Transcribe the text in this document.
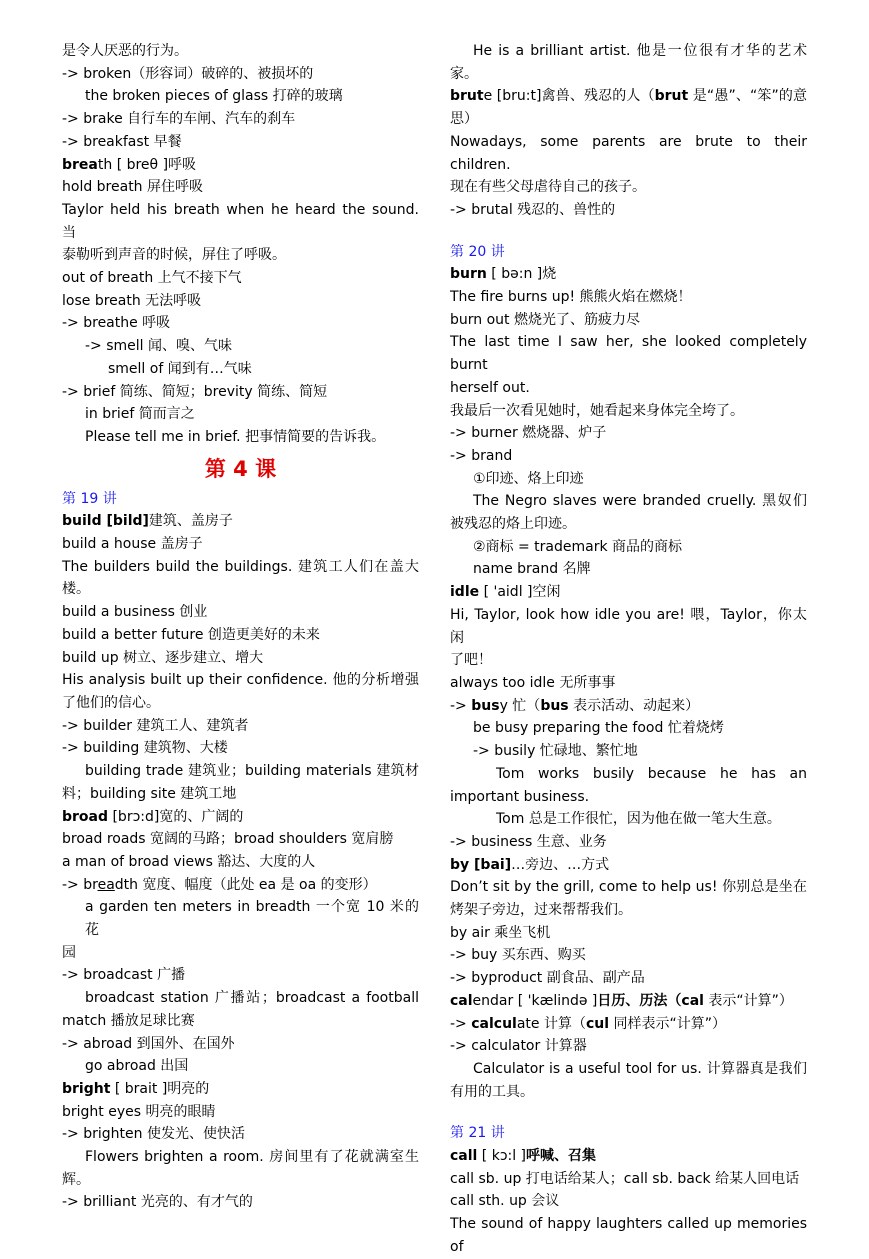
是令人厌恶的行为。
-> broken（形容词）破碎的、被损坏的
the broken pieces of glass 打碎的玻璃
-> brake 自行车的车闸、汽车的刹车
-> breakfast 早餐
breath [ breθ ]呼吸
hold breath 屏住呼吸
Taylor held his breath when he heard the sound. 当
泰勒听到声音的时候，屏住了呼吸。
out of breath 上气不接下气
lose breath 无法呼吸
-> breathe 呼吸
-> smell 闻、嗅、气味
smell of 闻到有…气味
-> brief 简练、简短；brevity 简练、简短
in brief 简而言之
Please tell me in brief. 把事情简要的告诉我。
第 4 课
第 19 讲
build [bild]建筑、盖房子
build a house 盖房子
The builders build the buildings. 建筑工人们在盖大
楼。
build a business 创业
build a better future 创造更美好的未来
build up 树立、逐步建立、增大
His analysis built up their confidence. 他的分析增强
了他们的信心。
-> builder 建筑工人、建筑者
-> building 建筑物、大楼
building trade 建筑业；building materials 建筑材
料；building site 建筑工地
broad [brɔ:d]宽的、广阔的
broad roads 宽阔的马路；broad shoulders 宽肩膀
a man of broad views 豁达、大度的人
-> breadth 宽度、幅度（此处 ea 是 oa 的变形）
a garden ten meters in breadth 一个宽 10 米的花
园
-> broadcast 广播
broadcast station 广播站；broadcast a football
match 播放足球比赛
-> abroad 到国外、在国外
go abroad 出国
bright [ brait ]明亮的
bright eyes 明亮的眼睛
-> brighten 使发光、使快活
Flowers brighten a room. 房间里有了花就满室生
辉。
-> brilliant 光亮的、有才气的
He is a brilliant artist. 他是一位很有才华的艺术
家。
brute [bru:t]禽兽、残忍的人（brut 是“愚”、“笨”的意
思）
Nowadays, some parents are brute to their children.
现在有些父母虐待自己的孩子。
-> brutal 残忍的、兽性的
第 20 讲
burn [ bə:n ]烧
The fire burns up! 熊熊火焰在燃烧！
burn out 燃烧光了、筋疲力尽
The last time I saw her, she looked completely burnt
herself out.
我最后一次看见她时，她看起来身体完全垮了。
-> burner 燃烧器、炉子
-> brand
①印迹、烙上印迹
The Negro slaves were branded cruelly. 黑奴们
被残忍的烙上印迹。
②商标 = trademark 商品的商标
name brand 名牌
idle [ 'aidl ]空闲
Hi, Taylor, look how idle you are! 喂，Taylor，你太闲
了吧！
always too idle 无所事事
-> busy 忙（bus 表示活动、动起来）
be busy preparing the food 忙着烧烤
-> busily 忙碌地、繁忙地
Tom works busily because he has an
important business.
Tom 总是工作很忙，因为他在做一笔大生意。
-> business 生意、业务
by [bai]…旁边、…方式
Don’t sit by the grill, come to help us! 你别总是坐在
烤架子旁边，过来帮帮我们。
by air 乘坐飞机
-> buy 买东西、购买
-> byproduct 副食品、副产品
calendar [ 'kælində ]日历、历法（cal 表示“计算”）
-> calculate 计算（cul 同样表示“计算”）
-> calculator 计算器
Calculator is a useful tool for us. 计算器真是我们
有用的工具。
第 21 讲
call [ kɔ:l ]呼喊、召集
call sb. up 打电话给某人；call sb. back 给某人回电话
call sth. up 会议
The sound of happy laughters called up memories of
